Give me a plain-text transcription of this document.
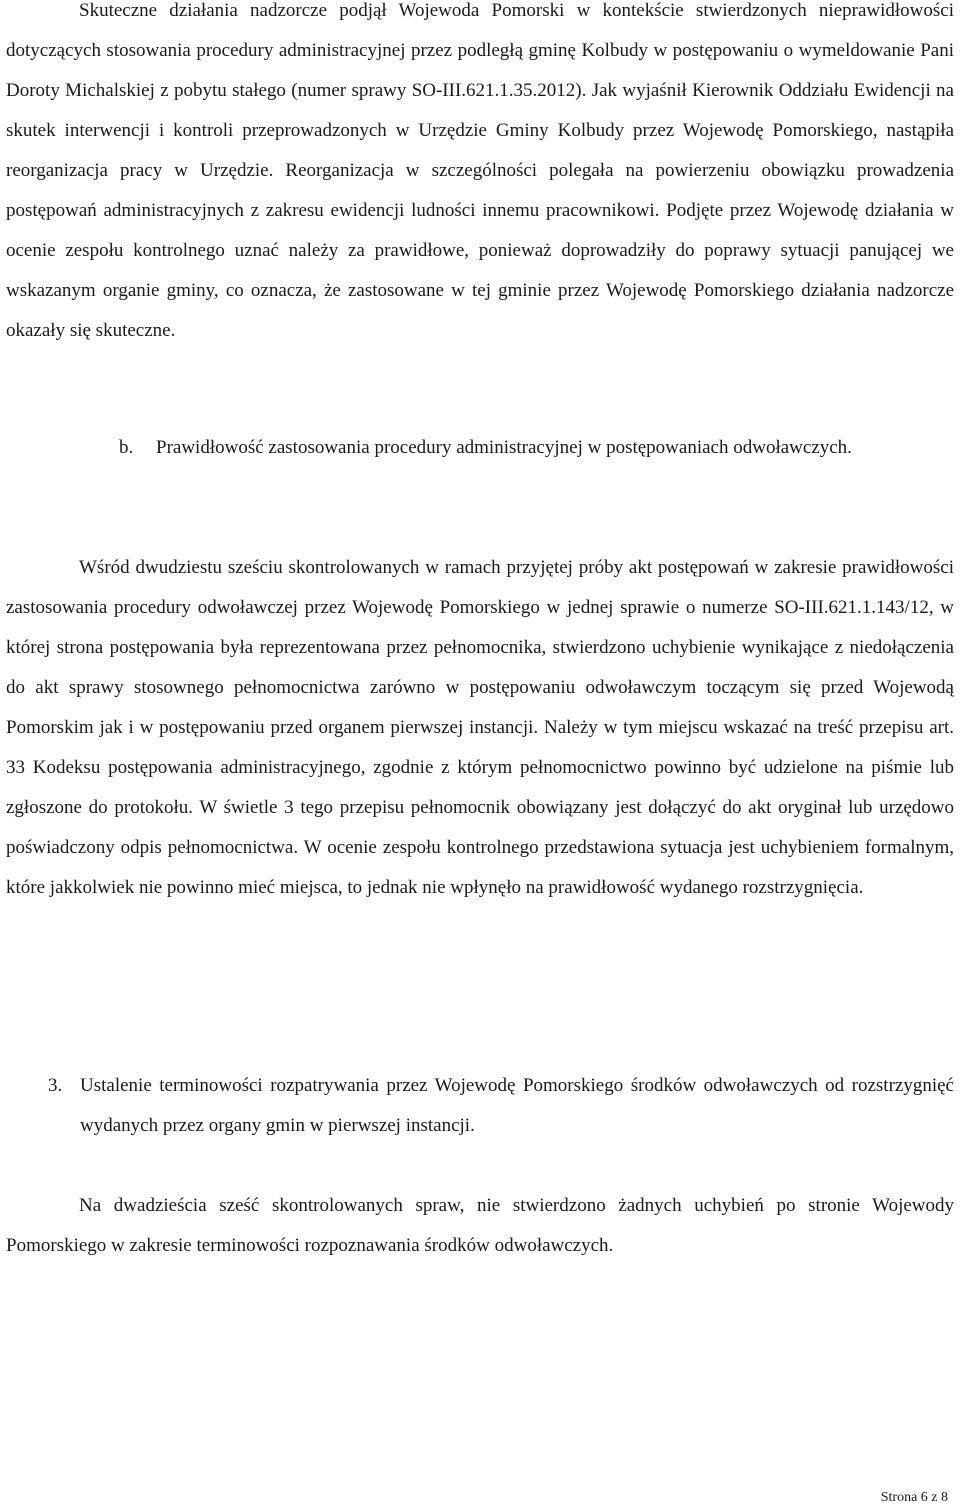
Skuteczne działania nadzorcze podjął Wojewoda Pomorski w kontekście stwierdzonych nieprawidłowości dotyczących stosowania procedury administracyjnej przez podległą gminę Kolbudy w postępowaniu o wymeldowanie Pani Doroty Michalskiej z pobytu stałego (numer sprawy SO-III.621.1.35.2012). Jak wyjaśnił Kierownik Oddziału Ewidencji na skutek interwencji i kontroli przeprowadzonych w Urzędzie Gminy Kolbudy przez Wojewodę Pomorskiego, nastąpiła reorganizacja pracy w Urzędzie. Reorganizacja w szczególności polegała na powierzeniu obowiązku prowadzenia postępowań administracyjnych z zakresu ewidencji ludności innemu pracownikowi. Podjęte przez Wojewodę działania w ocenie zespołu kontrolnego uznać należy za prawidłowe, ponieważ doprowadziły do poprawy sytuacji panującej we wskazanym organie gminy, co oznacza, że zastosowane w tej gminie przez Wojewodę Pomorskiego działania nadzorcze okazały się skuteczne.

b. Prawidłowość zastosowania procedury administracyjnej w postępowaniach odwoławczych.

Wśród dwudziestu sześciu skontrolowanych w ramach przyjętej próby akt postępowań w zakresie prawidłowości zastosowania procedury odwoławczej przez Wojewodę Pomorskiego w jednej sprawie o numerze SO-III.621.1.143/12, w której strona postępowania była reprezentowana przez pełnomocnika, stwierdzono uchybienie wynikające z niedołączenia do akt sprawy stosownego pełnomocnictwa zarówno w postępowaniu odwoławczym toczącym się przed Wojewodą Pomorskim jak i w postępowaniu przed organem pierwszej instancji. Należy w tym miejscu wskazać na treść przepisu art. 33 Kodeksu postępowania administracyjnego, zgodnie z którym pełnomocnictwo powinno być udzielone na piśmie lub zgłoszone do protokołu. W świetle 3 tego przepisu pełnomocnik obowiązany jest dołączyć do akt oryginał lub urzędowo poświadczony odpis pełnomocnictwa. W ocenie zespołu kontrolnego przedstawiona sytuacja jest uchybieniem formalnym, które jakkolwiek nie powinno mieć miejsca, to jednak nie wpłynęło na prawidłowość wydanego rozstrzygnięcia.

3. Ustalenie terminowości rozpatrywania przez Wojewodę Pomorskiego środków odwoławczych od rozstrzygnięć wydanych przez organy gmin w pierwszej instancji.

Na dwadzieścia sześć skontrolowanych spraw, nie stwierdzono żadnych uchybień po stronie Wojewody Pomorskiego w zakresie terminowości rozpoznawania środków odwoławczych.

Strona 6 z 8
